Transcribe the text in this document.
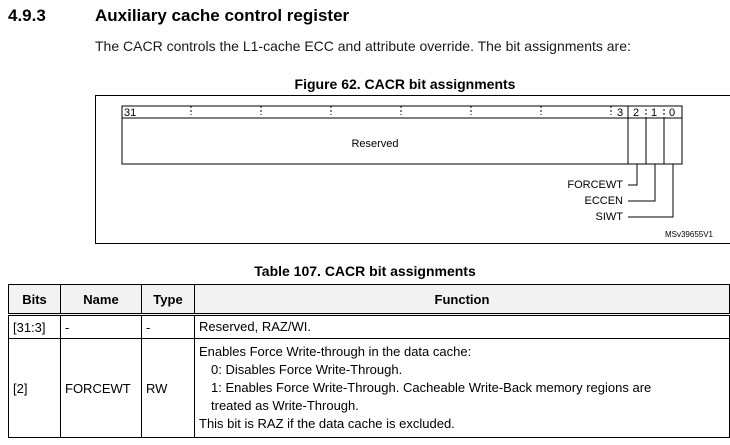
4.9.3	Auxiliary cache control register
The CACR controls the L1-cache ECC and attribute override. The bit assignments are:
Figure 62. CACR bit assignments
31	3 2 1 0
Reserved
FORCEWT
ECCEN
SIWT
MSv39655V1
Table 107. CACR bit assignments
Bits	Name	Type	Function
[31:3]	-	-	Reserved, RAZ/WI.

[2]	FORCEWT	RW	Enables Force Write-through in the data cache:
0: Disables Force Write-Through.
1: Enables Force Write-Through. Cacheable Write-Back memory regions are
treated as Write-Through.
This bit is RAZ if the data cache is excluded.
